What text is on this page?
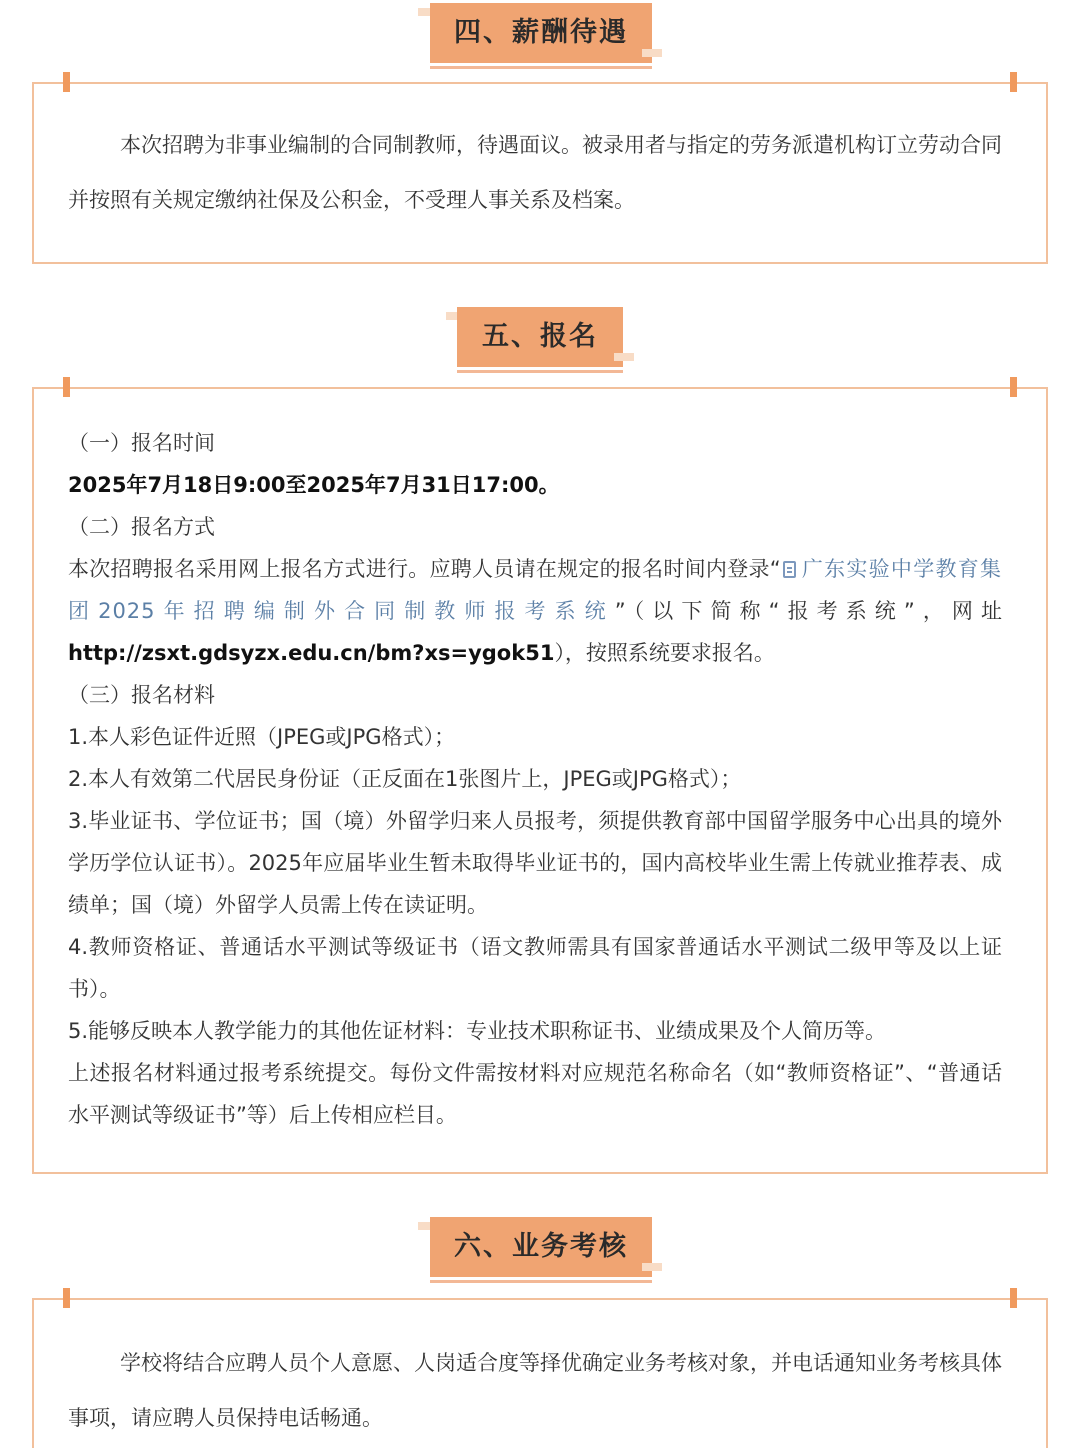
四、薪酬待遇

本次招聘为非事业编制的合同制教师，待遇面议。被录用者与指定的劳务派遣机构订立劳动合同并按照有关规定缴纳社保及公积金，不受理人事关系及档案。

五、报名
（一）报名时间
2025年7月18日9:00至2025年7月31日17:00。
（二）报名方式
本次招聘报名采用网上报名方式进行。应聘人员请在规定的报名时间内登录“ 广东实验中学教育集团2025年招聘编制外合同制教师报考系统”（以下简称“报考系统”，网址http://zsxt.gdsyzx.edu.cn/bm?xs=ygok51），按照系统要求报名。
（三）报名材料
1.本人彩色证件近照（JPEG或JPG格式）；
2.本人有效第二代居民身份证（正反面在1张图片上，JPEG或JPG格式）；
3.毕业证书、学位证书；国（境）外留学归来人员报考，须提供教育部中国留学服务中心出具的境外学历学位认证书）。2025年应届毕业生暂未取得毕业证书的，国内高校毕业生需上传就业推荐表、成绩单；国（境）外留学人员需上传在读证明。
4.教师资格证、普通话水平测试等级证书（语文教师需具有国家普通话水平测试二级甲等及以上证书）。
5.能够反映本人教学能力的其他佐证材料：专业技术职称证书、业绩成果及个人简历等。
上述报名材料通过报考系统提交。每份文件需按材料对应规范名称命名（如“教师资格证”、“普通话水平测试等级证书”等）后上传相应栏目。
六、业务考核

学校将结合应聘人员个人意愿、人岗适合度等择优确定业务考核对象，并电话通知业务考核具体事项，请应聘人员保持电话畅通。
